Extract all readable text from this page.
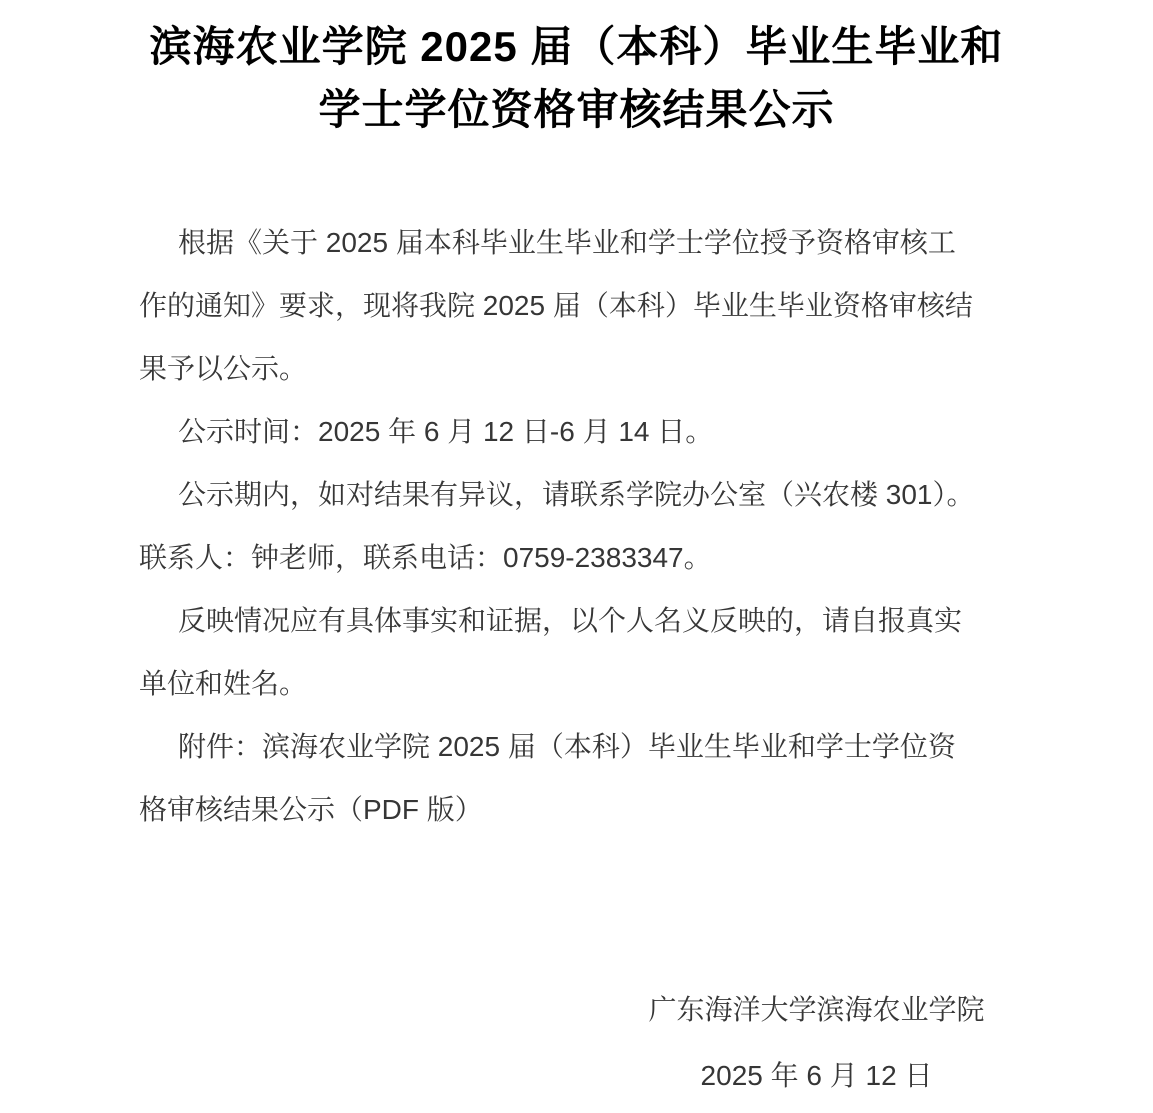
滨海农业学院 2025 届（本科）毕业生毕业和
学士学位资格审核结果公示

根据《关于 2025 届本科毕业生毕业和学士学位授予资格审核工
作的通知》要求，现将我院 2025 届（本科）毕业生毕业资格审核结
果予以公示。

公示时间：2025 年 6 月 12 日-6 月 14 日。

公示期内，如对结果有异议，请联系学院办公室（兴农楼 301）。
联系人：钟老师，联系电话：0759-2383347。

反映情况应有具体事实和证据，以个人名义反映的，请自报真实
单位和姓名。

附件：滨海农业学院 2025 届（本科）毕业生毕业和学士学位资
格审核结果公示（PDF 版）

广东海洋大学滨海农业学院
2025 年 6 月 12 日
